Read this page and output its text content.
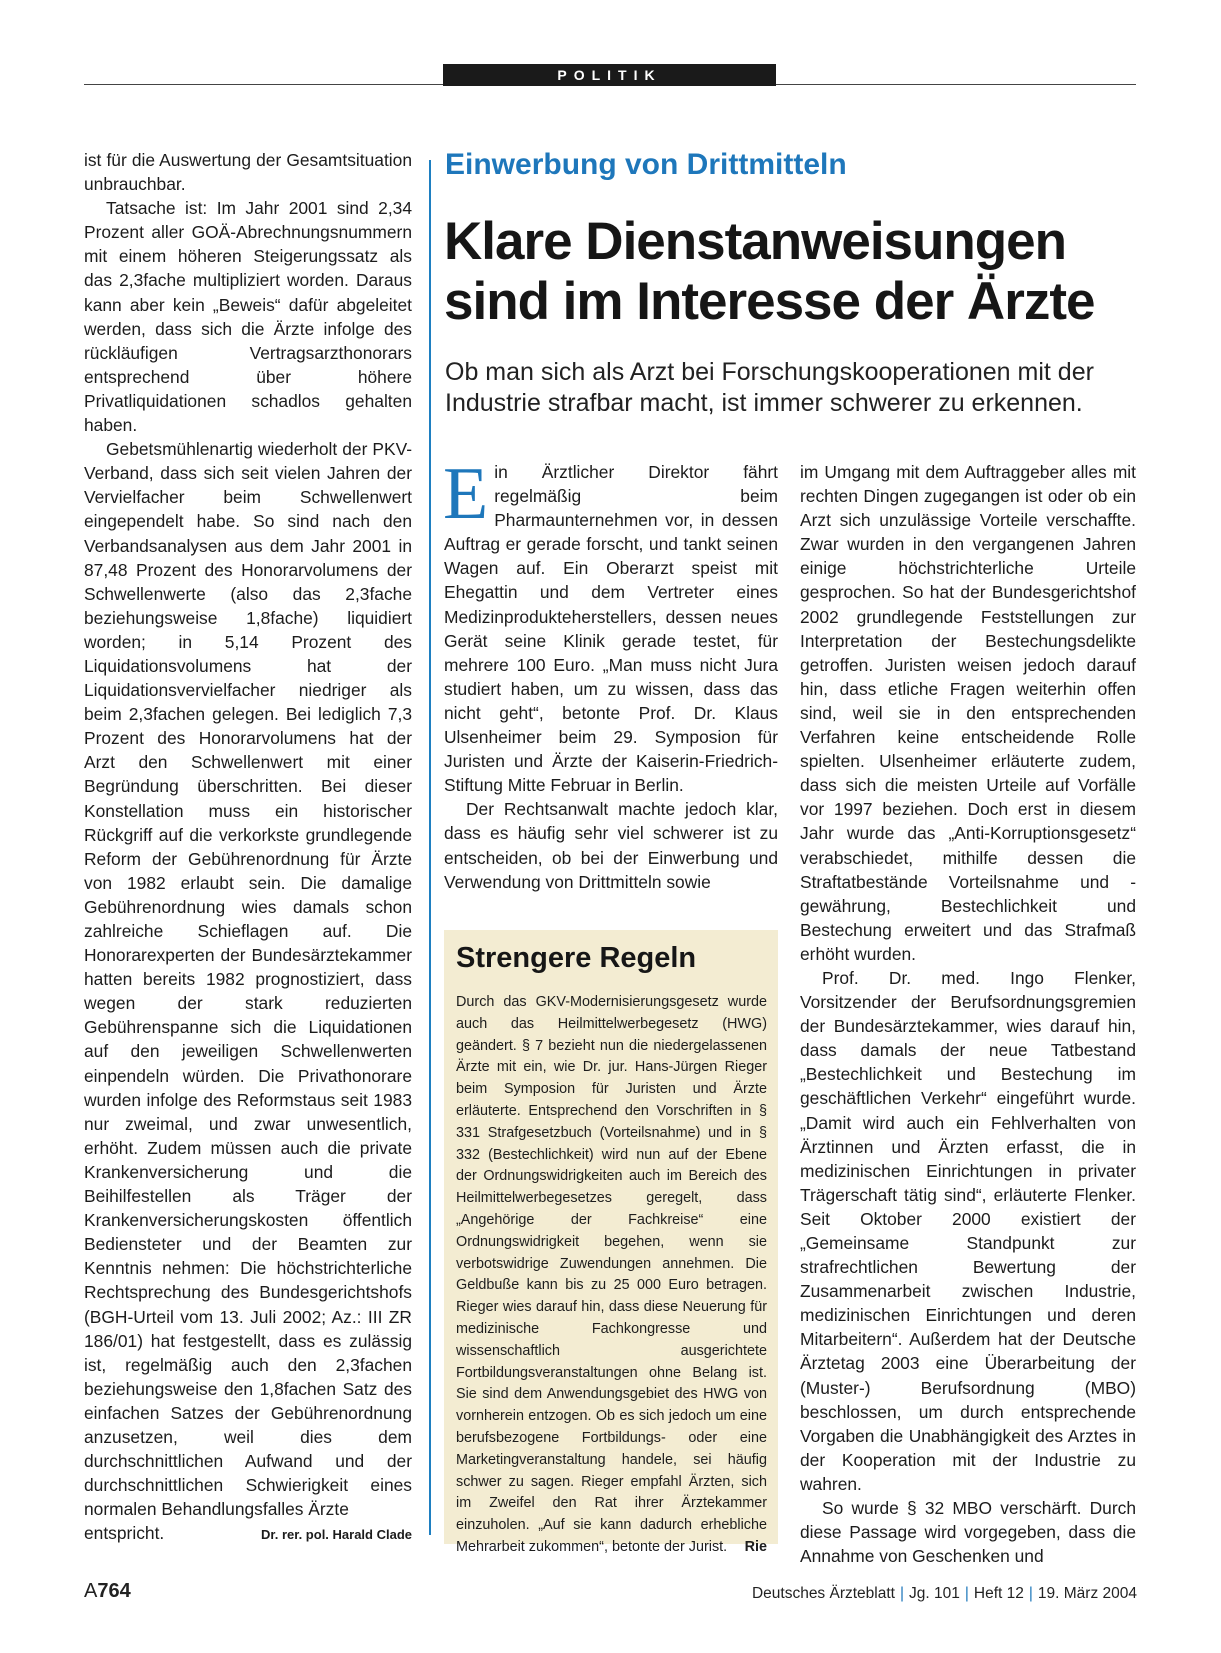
POLITIK

ist für die Auswertung der Gesamtsituation unbrauchbar.

Tatsache ist: Im Jahr 2001 sind 2,34 Prozent aller GOÄ-Abrechnungsnummern mit einem höheren Steigerungssatz als das 2,3fache multipliziert worden. Daraus kann aber kein „Beweis“ dafür abgeleitet werden, dass sich die Ärzte infolge des rückläufigen Vertragsarzthonorars entsprechend über höhere Privatliquidationen schadlos gehalten haben.

Gebetsmühlenartig wiederholt der PKV-Verband, dass sich seit vielen Jahren der Vervielfacher beim Schwellenwert eingependelt habe. So sind nach den Verbandsanalysen aus dem Jahr 2001 in 87,48 Prozent des Honorarvolumens der Schwellenwerte (also das 2,3fache beziehungsweise 1,8fache) liquidiert worden; in 5,14 Prozent des Liquidationsvolumens hat der Liquidationsvervielfacher niedriger als beim 2,3fachen gelegen. Bei lediglich 7,3 Prozent des Honorarvolumens hat der Arzt den Schwellenwert mit einer Begründung überschritten. Bei dieser Konstellation muss ein historischer Rückgriff auf die verkorkste grundlegende Reform der Gebührenordnung für Ärzte von 1982 erlaubt sein. Die damalige Gebührenordnung wies damals schon zahlreiche Schieflagen auf. Die Honorarexperten der Bundesärztekammer hatten bereits 1982 prognostiziert, dass wegen der stark reduzierten Gebührenspanne sich die Liquidationen auf den jeweiligen Schwellenwerten einpendeln würden. Die Privathonorare wurden infolge des Reformstaus seit 1983 nur zweimal, und zwar unwesentlich, erhöht. Zudem müssen auch die private Krankenversicherung und die Beihilfestellen als Träger der Krankenversicherungskosten öffentlich Bediensteter und der Beamten zur Kenntnis nehmen: Die höchstrichterliche Rechtsprechung des Bundesgerichtshofs (BGH-Urteil vom 13. Juli 2002; Az.: III ZR 186/01) hat festgestellt, dass es zulässig ist, regelmäßig auch den 2,3fachen beziehungsweise den 1,8fachen Satz des einfachen Satzes der Gebührenordnung anzusetzen, weil dies dem durchschnittlichen Aufwand und der durchschnittlichen Schwierigkeit eines normalen Behandlungsfalles Ärzte

entspricht.	Dr. rer. pol. Harald Clade
Einwerbung von Drittmitteln
Klare Dienstanweisungen
sind im Interesse der Ärzte
Ob man sich als Arzt bei Forschungskooperationen mit der Industrie strafbar macht, ist immer schwerer zu erkennen.

Ein Ärztlicher Direktor fährt regelmäßig beim Pharmaunternehmen vor, in dessen Auftrag er gerade forscht, und tankt seinen Wagen auf. Ein Oberarzt speist mit Ehegattin und dem Vertreter eines Medizinprodukteherstellers, dessen neues Gerät seine Klinik gerade testet, für mehrere 100 Euro. „Man muss nicht Jura studiert haben, um zu wissen, dass das nicht geht“, betonte Prof. Dr. Klaus Ulsenheimer beim 29. Symposion für Juristen und Ärzte der Kaiserin-Friedrich-Stiftung Mitte Februar in Berlin.

Der Rechtsanwalt machte jedoch klar, dass es häufig sehr viel schwerer ist zu entscheiden, ob bei der Einwerbung und Verwendung von Drittmitteln sowie

Strengere Regeln
Durch das GKV-Modernisierungsgesetz wurde auch das Heilmittelwerbegesetz (HWG) geändert. § 7 bezieht nun die niedergelassenen Ärzte mit ein, wie Dr. jur. Hans-Jürgen Rieger beim Symposion für Juristen und Ärzte erläuterte. Entsprechend den Vorschriften in § 331 Strafgesetzbuch (Vorteilsnahme) und in § 332 (Bestechlichkeit) wird nun auf der Ebene der Ordnungswidrigkeiten auch im Bereich des Heilmittelwerbegesetzes geregelt, dass „Angehörige der Fachkreise“ eine Ordnungswidrigkeit begehen, wenn sie verbotswidrige Zuwendungen annehmen. Die Geldbuße kann bis zu 25 000 Euro betragen. Rieger wies darauf hin, dass diese Neuerung für medizinische Fachkongresse und wissenschaftlich ausgerichtete Fortbildungsveranstaltungen ohne Belang ist. Sie sind dem Anwendungsgebiet des HWG von vornherein entzogen. Ob es sich jedoch um eine berufsbezogene Fortbildungs- oder eine Marketingveranstaltung handele, sei häufig schwer zu sagen. Rieger empfahl Ärzten, sich im Zweifel den Rat ihrer Ärztekammer einzuholen. „Auf sie kann dadurch erhebliche Mehrarbeit zukommen“, betonte der Jurist. Rie

im Umgang mit dem Auftraggeber alles mit rechten Dingen zugegangen ist oder ob ein Arzt sich unzulässige Vorteile verschaffte. Zwar wurden in den vergangenen Jahren einige höchstrichterliche Urteile gesprochen. So hat der Bundesgerichtshof 2002 grundlegende Feststellungen zur Interpretation der Bestechungsdelikte getroffen. Juristen weisen jedoch darauf hin, dass etliche Fragen weiterhin offen sind, weil sie in den entsprechenden Verfahren keine entscheidende Rolle spielten. Ulsenheimer erläuterte zudem, dass sich die meisten Urteile auf Vorfälle vor 1997 beziehen. Doch erst in diesem Jahr wurde das „Anti-Korruptionsgesetz“ verabschiedet, mithilfe dessen die Straftatbestände Vorteilsnahme und -gewährung, Bestechlichkeit und Bestechung erweitert und das Strafmaß erhöht wurden.

Prof. Dr. med. Ingo Flenker, Vorsitzender der Berufsordnungsgremien der Bundesärztekammer, wies darauf hin, dass damals der neue Tatbestand „Bestechlichkeit und Bestechung im geschäftlichen Verkehr“ eingeführt wurde. „Damit wird auch ein Fehlverhalten von Ärztinnen und Ärzten erfasst, die in medizinischen Einrichtungen in privater Trägerschaft tätig sind“, erläuterte Flenker. Seit Oktober 2000 existiert der „Gemeinsame Standpunkt zur strafrechtlichen Bewertung der Zusammenarbeit zwischen Industrie, medizinischen Einrichtungen und deren Mitarbeitern“. Außerdem hat der Deutsche Ärztetag 2003 eine Überarbeitung der (Muster-) Berufsordnung (MBO) beschlossen, um durch entsprechende Vorgaben die Unabhängigkeit des Arztes in der Kooperation mit der Industrie zu wahren.

So wurde § 32 MBO verschärft. Durch diese Passage wird vorgegeben, dass die Annahme von Geschenken und

A764	Deutsches Ärzteblatt | Jg. 101 | Heft 12 | 19. März 2004
